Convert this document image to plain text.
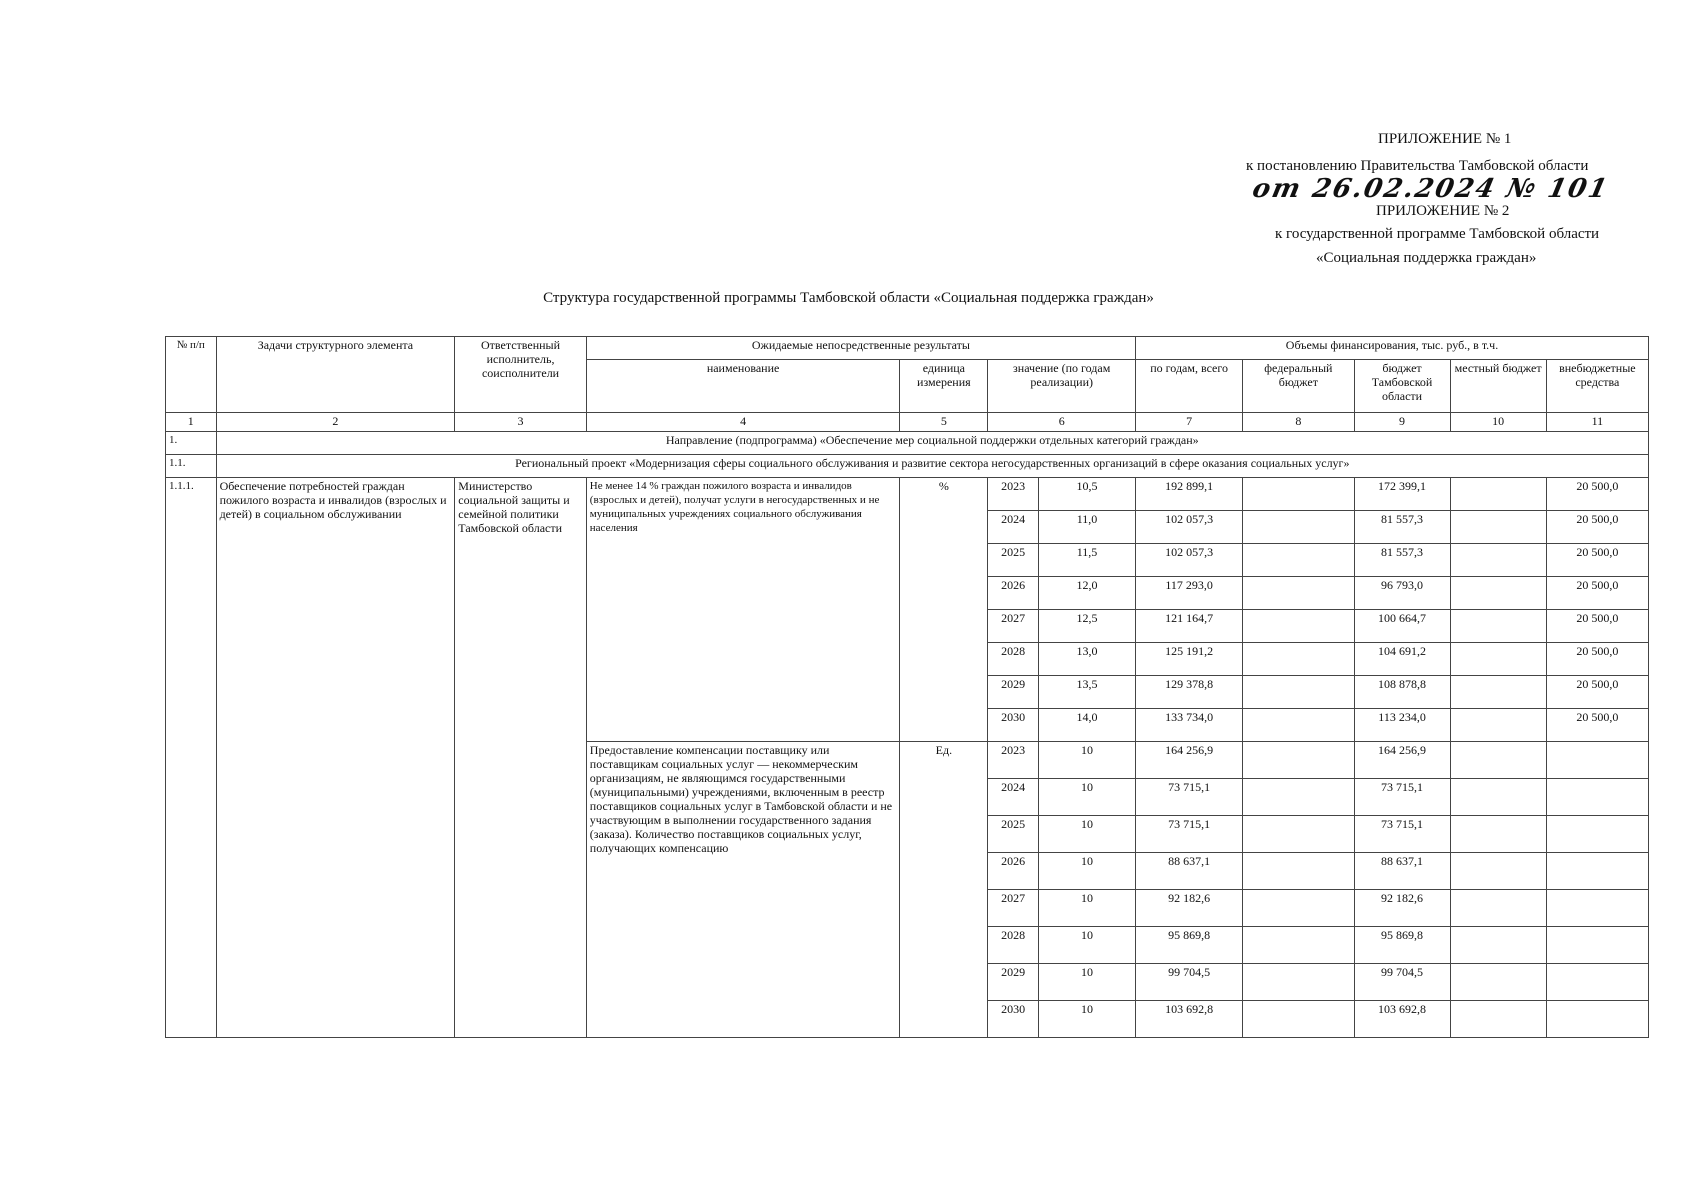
ПРИЛОЖЕНИЕ № 1
к постановлению Правительства Тамбовской области
от 26.02.2024 № 101
ПРИЛОЖЕНИЕ № 2
к государственной программе Тамбовской области
«Социальная поддержка граждан»
Структура государственной программы Тамбовской области «Социальная поддержка граждан»
№ п/п	Задачи структурного элемента	Ответственный исполнитель, соисполнители	Ожидаемые непосредственные результаты				Объемы финансирования, тыс. руб., в т.ч.				
			наименование	единица измерения	значение (по годам реализации)		по годам, всего	федеральный бюджет	бюджет Тамбовской области	местный бюджет	внебюджетные средства
1	2	3	4	5	6		7	8	9	10	11
1.	Направление (подпрограмма) «Обеспечение мер социальной поддержки отдельных категорий граждан»										
1.1.	Региональный проект «Модернизация сферы социального обслуживания и развитие сектора негосударственных организаций в сфере оказания социальных услуг»										
1.1.1.	Обеспечение потребностей граждан пожилого возраста и инвалидов (взрослых и детей) в социальном обслуживании	Министерство социальной защиты и семейной политики Тамбовской области	Не менее 14 % граждан пожилого возраста и инвалидов (взрослых и детей), получат услуги в негосударственных и не муниципальных учреждениях социального обслуживания населения	%	2023	10,5	192 899,1		172 399,1		20 500,0
					2024	11,0	102 057,3		81 557,3		20 500,0
					2025	11,5	102 057,3		81 557,3		20 500,0
					2026	12,0	117 293,0		96 793,0		20 500,0
					2027	12,5	121 164,7		100 664,7		20 500,0
					2028	13,0	125 191,2		104 691,2		20 500,0
					2029	13,5	129 378,8		108 878,8		20 500,0
					2030	14,0	133 734,0		113 234,0		20 500,0
			Предоставление компенсации поставщику или поставщикам социальных услуг — некоммерческим организациям, не являющимся государственными (муниципальными) учреждениями, включенным в реестр поставщиков социальных услуг в Тамбовской области и не участвующим в выполнении государственного задания (заказа). Количество поставщиков социальных услуг, получающих компенсацию	Ед.	2023	10	164 256,9		164 256,9		
					2024	10	73 715,1		73 715,1		
					2025	10	73 715,1		73 715,1		
					2026	10	88 637,1		88 637,1		
					2027	10	92 182,6		92 182,6		
					2028	10	95 869,8		95 869,8		
					2029	10	99 704,5		99 704,5		
					2030	10	103 692,8		103 692,8		
